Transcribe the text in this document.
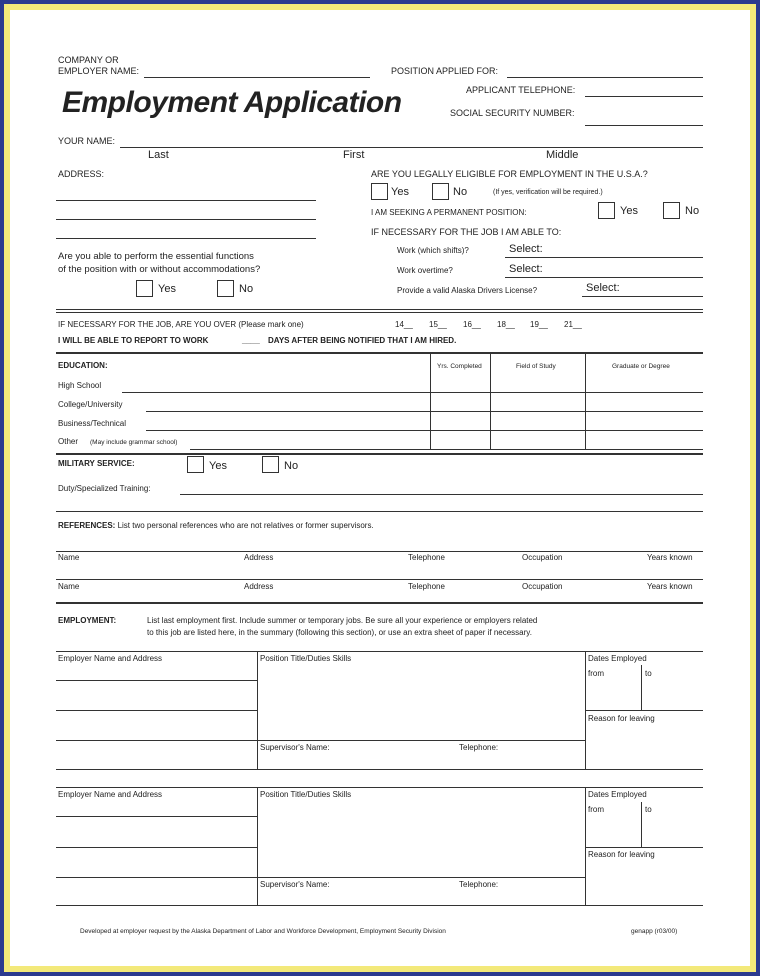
COMPANY OR
EMPLOYER NAME:	POSITION APPLIED FOR:
Employment Application	APPLICANT TELEPHONE:
SOCIAL SECURITY NUMBER:
YOUR NAME:
Last	First	Middle
ADDRESS:	ARE YOU LEGALLY ELIGIBLE FOR EMPLOYMENT IN THE U.S.A.?
Yes	No	(If yes, verification will be required.)
I AM SEEKING A PERMANENT POSITION:	Yes	No
IF NECESSARY FOR THE JOB I AM ABLE TO:
Work (which shifts)?	Select:
Work overtime?	Select:
Provide a valid Alaska Drivers License?	Select:
Are you able to perform the essential functions
of the position with or without accommodations?
Yes	No
IF NECESSARY FOR THE JOB, ARE YOU OVER (Please mark one)	14__ 15__ 16__ 18__ 19__ 21__
I WILL BE ABLE TO REPORT TO WORK	____ DAYS AFTER BEING NOTIFIED THAT I AM HIRED.
EDUCATION:	Yrs. Completed	Field of Study	Graduate or Degree
High School
College/University
Business/Technical
Other (May include grammar school)
MILITARY SERVICE:	Yes	No
Duty/Specialized Training:
REFERENCES: List two personal references who are not relatives or former supervisors.
Name	Address	Telephone	Occupation	Years known
Name	Address	Telephone	Occupation	Years known
EMPLOYMENT:	List last employment first. Include summer or temporary jobs. Be sure all your experience or employers related
to this job are listed here, in the summary (following this section), or use an extra sheet of paper if necessary.
Employer Name and Address	Position Title/Duties Skills	Dates Employed
from	to
Reason for leaving
Supervisor's Name:	Telephone:
Employer Name and Address	Position Title/Duties Skills	Dates Employed
from	to
Reason for leaving
Supervisor's Name:	Telephone:
Developed at employer request by the Alaska Department of Labor and Workforce Development, Employment Security Division	genapp (r03/00)
